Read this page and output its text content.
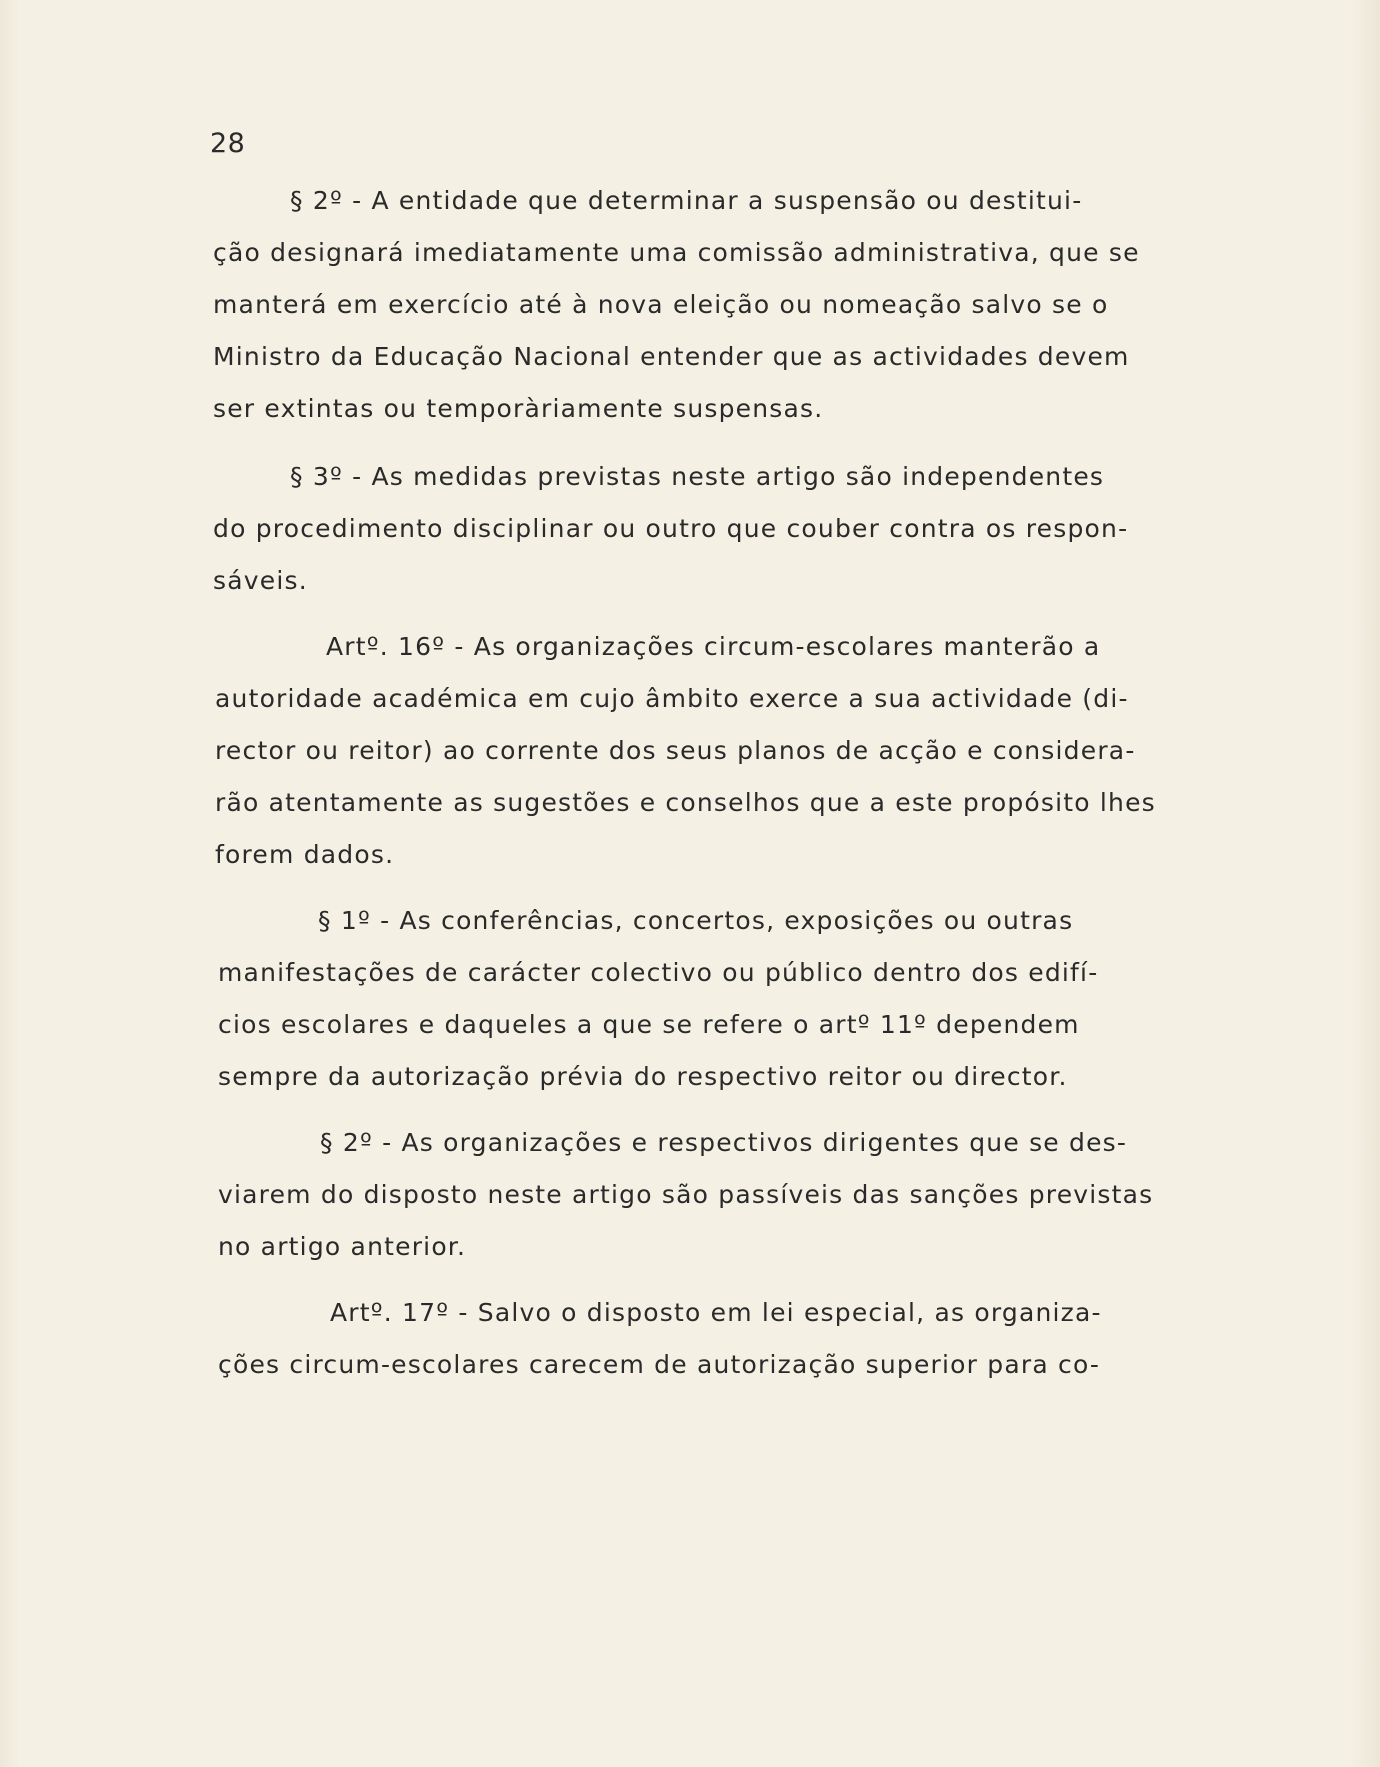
28
§ 2º - A entidade que determinar a suspensão ou destitui-
ção designará imediatamente uma comissão administrativa, que se
manterá em exercício até à nova eleição ou nomeação salvo se o
Ministro da Educação Nacional entender que as actividades devem
ser extintas ou temporàriamente suspensas.
§ 3º - As medidas previstas neste artigo são independentes
do procedimento disciplinar ou outro que couber contra os respon-
sáveis.
Artº. 16º - As organizações circum-escolares manterão a
autoridade académica em cujo âmbito exerce a sua actividade (di-
rector ou reitor) ao corrente dos seus planos de acção e considera-
rão atentamente as sugestões e conselhos que a este propósito lhes
forem dados.
§ 1º - As conferências, concertos, exposições ou outras
manifestações de carácter colectivo ou público dentro dos edifí-
cios escolares e daqueles a que se refere o artº 11º dependem
sempre da autorização prévia do respectivo reitor ou director.
§ 2º - As organizações e respectivos dirigentes que se des-
viarem do disposto neste artigo são passíveis das sanções previstas
no artigo anterior.
Artº. 17º - Salvo o disposto em lei especial, as organiza-
ções circum-escolares carecem de autorização superior para co-
